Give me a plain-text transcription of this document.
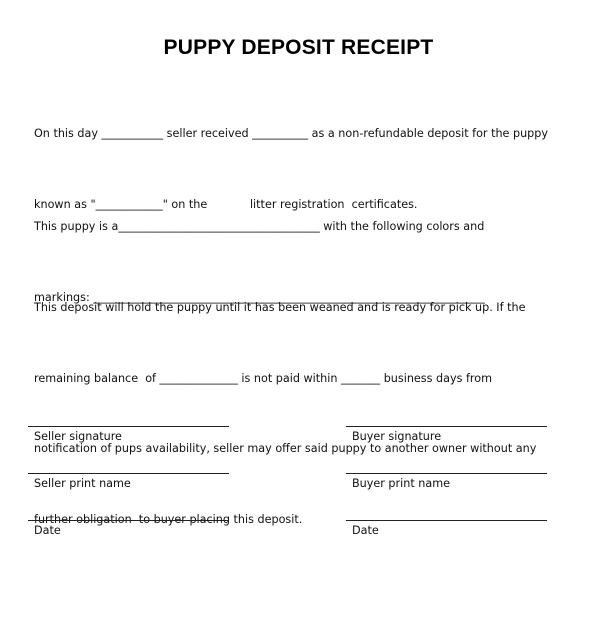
PUPPY DEPOSIT RECEIPT

On this day ___________ seller received __________ as a non-refundable deposit for the puppy

known as "____________" on the            litter registration  certificates.

This puppy is a____________________________________ with the following colors and

markings: ______________________________________________________________________

This deposit will hold the puppy until it has been weaned and is ready for pick up. If the

remaining balance  of ______________ is not paid within _______ business days from

notification of pups availability, seller may offer said puppy to another owner without any

further obligation  to buyer placing this deposit.

Seller signature	Buyer signature
Seller print name	Buyer print name
Date	Date
